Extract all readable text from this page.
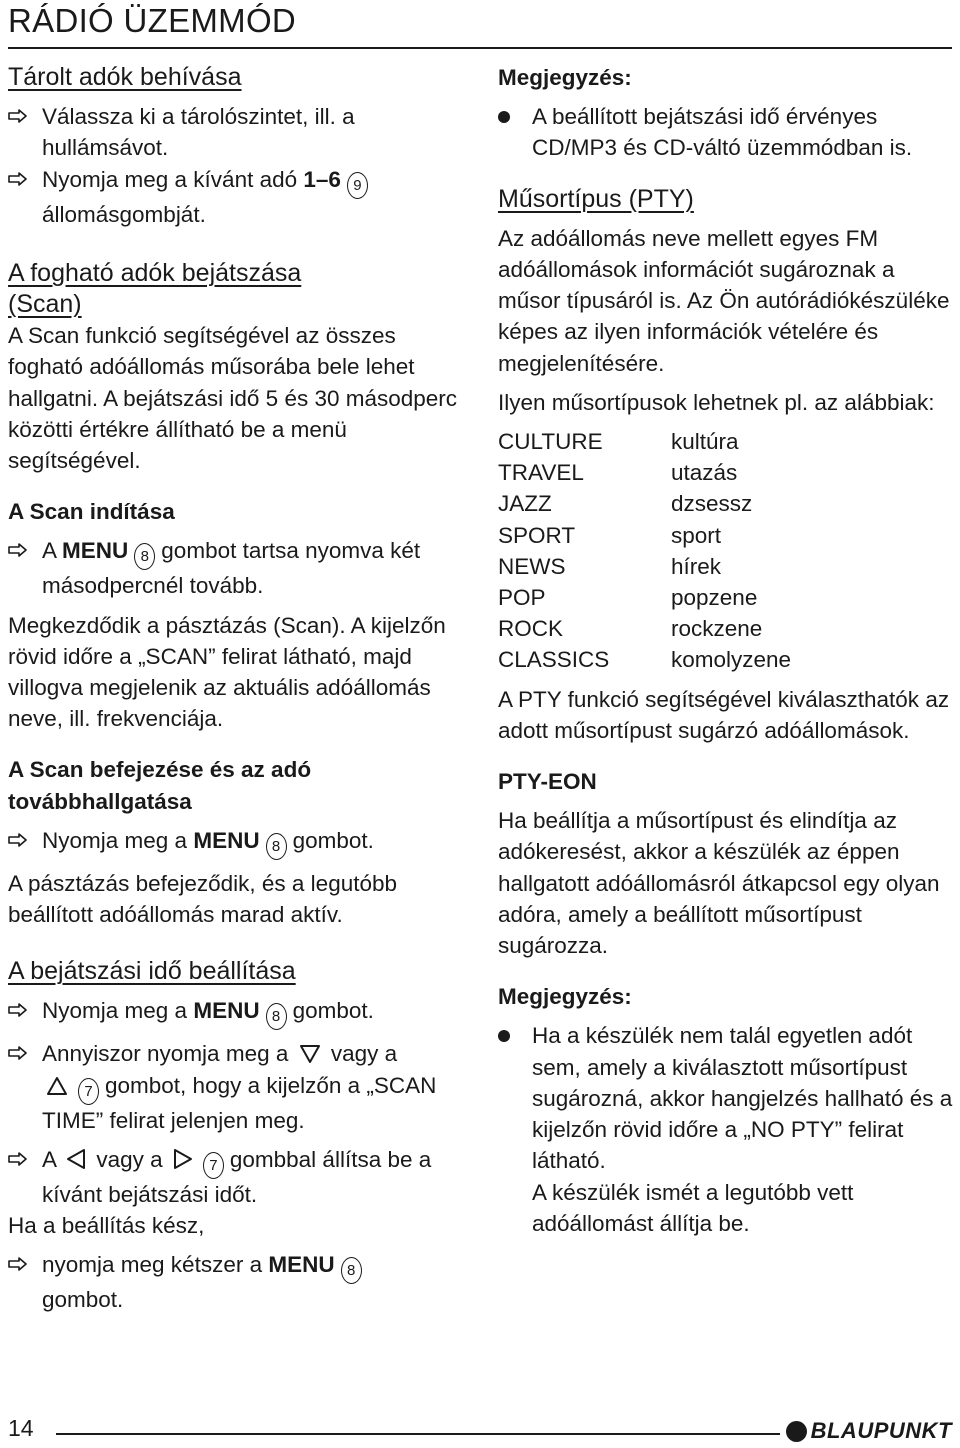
RÁDIÓ ÜZEMMÓD
Tárolt adók behívása
Válassza ki a tárolószintet, ill. a hullámsávot.
Nyomja meg a kívánt adó 1–6 9
állomásgombját.
A fogható adók bejátszása
(Scan)

A Scan funkció segítségével az összes fogható adóállomás műsorába bele lehet hallgatni. A bejátszási idő 5 és 30 másodperc közötti értékre állítható be a menü segítségével.

A Scan indítása
A MENU 8 gombot tartsa nyomva két másodpercnél tovább.

Megkezdődik a pásztázás (Scan). A kijelzőn rövid időre a „SCAN” felirat látható, majd villogva megjelenik az aktuális adóállomás neve, ill. frekvenciája.

A Scan befejezése és az adó
továbbhallgatása
Nyomja meg a MENU 8 gombot.

A pásztázás befejeződik, és a legutóbb beállított adóállomás marad aktív.

A bejátszási idő beállítása
Nyomja meg a MENU 8 gombot.
Annyiszor nyomja meg a vagy a
7 gombot, hogy a kijelzőn a „SCAN TIME” felirat jelenjen meg.
A vagy a	7 gombbal állítsa be a kívánt bejátszási időt.

Ha a beállítás kész,

nyomja meg kétszer a MENU 8
gombot.
Megjegyzés:
A beállított bejátszási idő érvényes CD/MP3 és CD-váltó üzemmódban is.
Műsortípus (PTY)

Az adóállomás neve mellett egyes FM adóállomások információt sugároznak a műsor típusáról is. Az Ön autórádiókészüléke képes az ilyen információk vételére és megjelenítésére.

Ilyen műsortípusok lehetnek pl. az alábbiak:

CULTURE	kultúra
TRAVEL	utazás
JAZZ	dzsessz
SPORT	sport
NEWS	hírek
POP	popzene
ROCK	rockzene
CLASSICS	komolyzene

A PTY funkció segítségével kiválaszthatók az adott műsortípust sugárzó adóállomások.

PTY-EON

Ha beállítja a műsortípust és elindítja az adókeresést, akkor a készülék az éppen hallgatott adóállomásról átkapcsol egy olyan adóra, amely a beállított műsortípust sugározza.

Megjegyzés:
Ha a készülék nem talál egyetlen adót sem, amely a kiválasztott műsortípust sugározná, akkor hangjelzés hallható és a kijelzőn rövid időre a „NO PTY” felirat látható.
A készülék ismét a legutóbb vett adóállomást állítja be.
14	BLAUPUNKT
